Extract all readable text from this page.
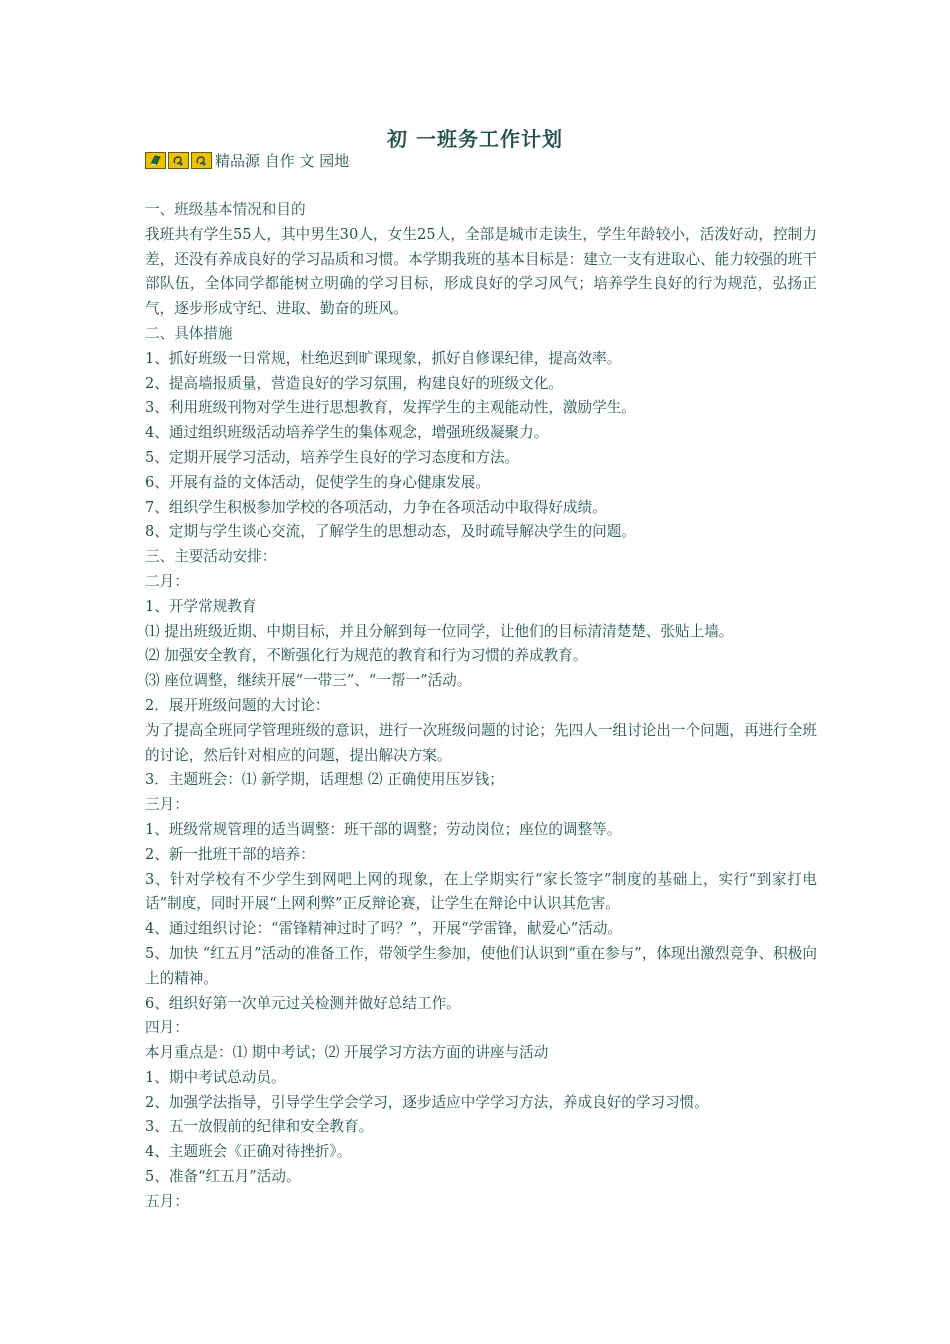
初 一班务工作计划
精品源 自作 文 园地
一、班级基本情况和目的
我班共有学生55人，其中男生30人，女生25人，全部是城市走读生，学生年龄较小，活泼好动，控制力差，还没有养成良好的学习品质和习惯。本学期我班的基本目标是：建立一支有进取心、能力较强的班干部队伍，全体同学都能树立明确的学习目标，形成良好的学习风气；培养学生良好的行为规范，弘扬正气，逐步形成守纪、进取、勤奋的班风。
二、具体措施
1、抓好班级一日常规，杜绝迟到旷课现象，抓好自修课纪律，提高效率。
2、提高墙报质量，营造良好的学习氛围，构建良好的班级文化。
3、利用班级刊物对学生进行思想教育，发挥学生的主观能动性，激励学生。
4、通过组织班级活动培养学生的集体观念，增强班级凝聚力。
5、定期开展学习活动，培养学生良好的学习态度和方法。
6、开展有益的文体活动，促使学生的身心健康发展。
7、组织学生积极参加学校的各项活动，力争在各项活动中取得好成绩。
8、定期与学生谈心交流，了解学生的思想动态，及时疏导解决学生的问题。
三、主要活动安排：
二月：
1、开学常规教育
⑴ 提出班级近期、中期目标，并且分解到每一位同学，让他们的目标清清楚楚、张贴上墙。
⑵ 加强安全教育，不断强化行为规范的教育和行为习惯的养成教育。
⑶ 座位调整，继续开展“一带三”、“一帮一”活动。
2．展开班级问题的大讨论：
为了提高全班同学管理班级的意识，进行一次班级问题的讨论；先四人一组讨论出一个问题，再进行全班的讨论，然后针对相应的问题，提出解决方案。
3．主题班会：⑴ 新学期，话理想 ⑵ 正确使用压岁钱；
三月：
1、班级常规管理的适当调整：班干部的调整；劳动岗位；座位的调整等。
2、新一批班干部的培养：
3、针对学校有不少学生到网吧上网的现象，在上学期实行“家长签字”制度的基础上，实行“到家打电话”制度，同时开展“上网利弊”正反辩论赛，让学生在辩论中认识其危害。
4、通过组织讨论：“雷锋精神过时了吗？”，开展“学雷锋，献爱心”活动。
5、加快 “红五月”活动的准备工作，带领学生参加，使他们认识到“重在参与”，体现出激烈竞争、积极向上的精神。
6、组织好第一次单元过关检测并做好总结工作。
四月：
本月重点是：⑴ 期中考试；⑵ 开展学习方法方面的讲座与活动
1、期中考试总动员。
2、加强学法指导，引导学生学会学习，逐步适应中学学习方法，养成良好的学习习惯。
3、五一放假前的纪律和安全教育。
4、主题班会《正确对待挫折》。
5、准备“红五月”活动。
五月：
